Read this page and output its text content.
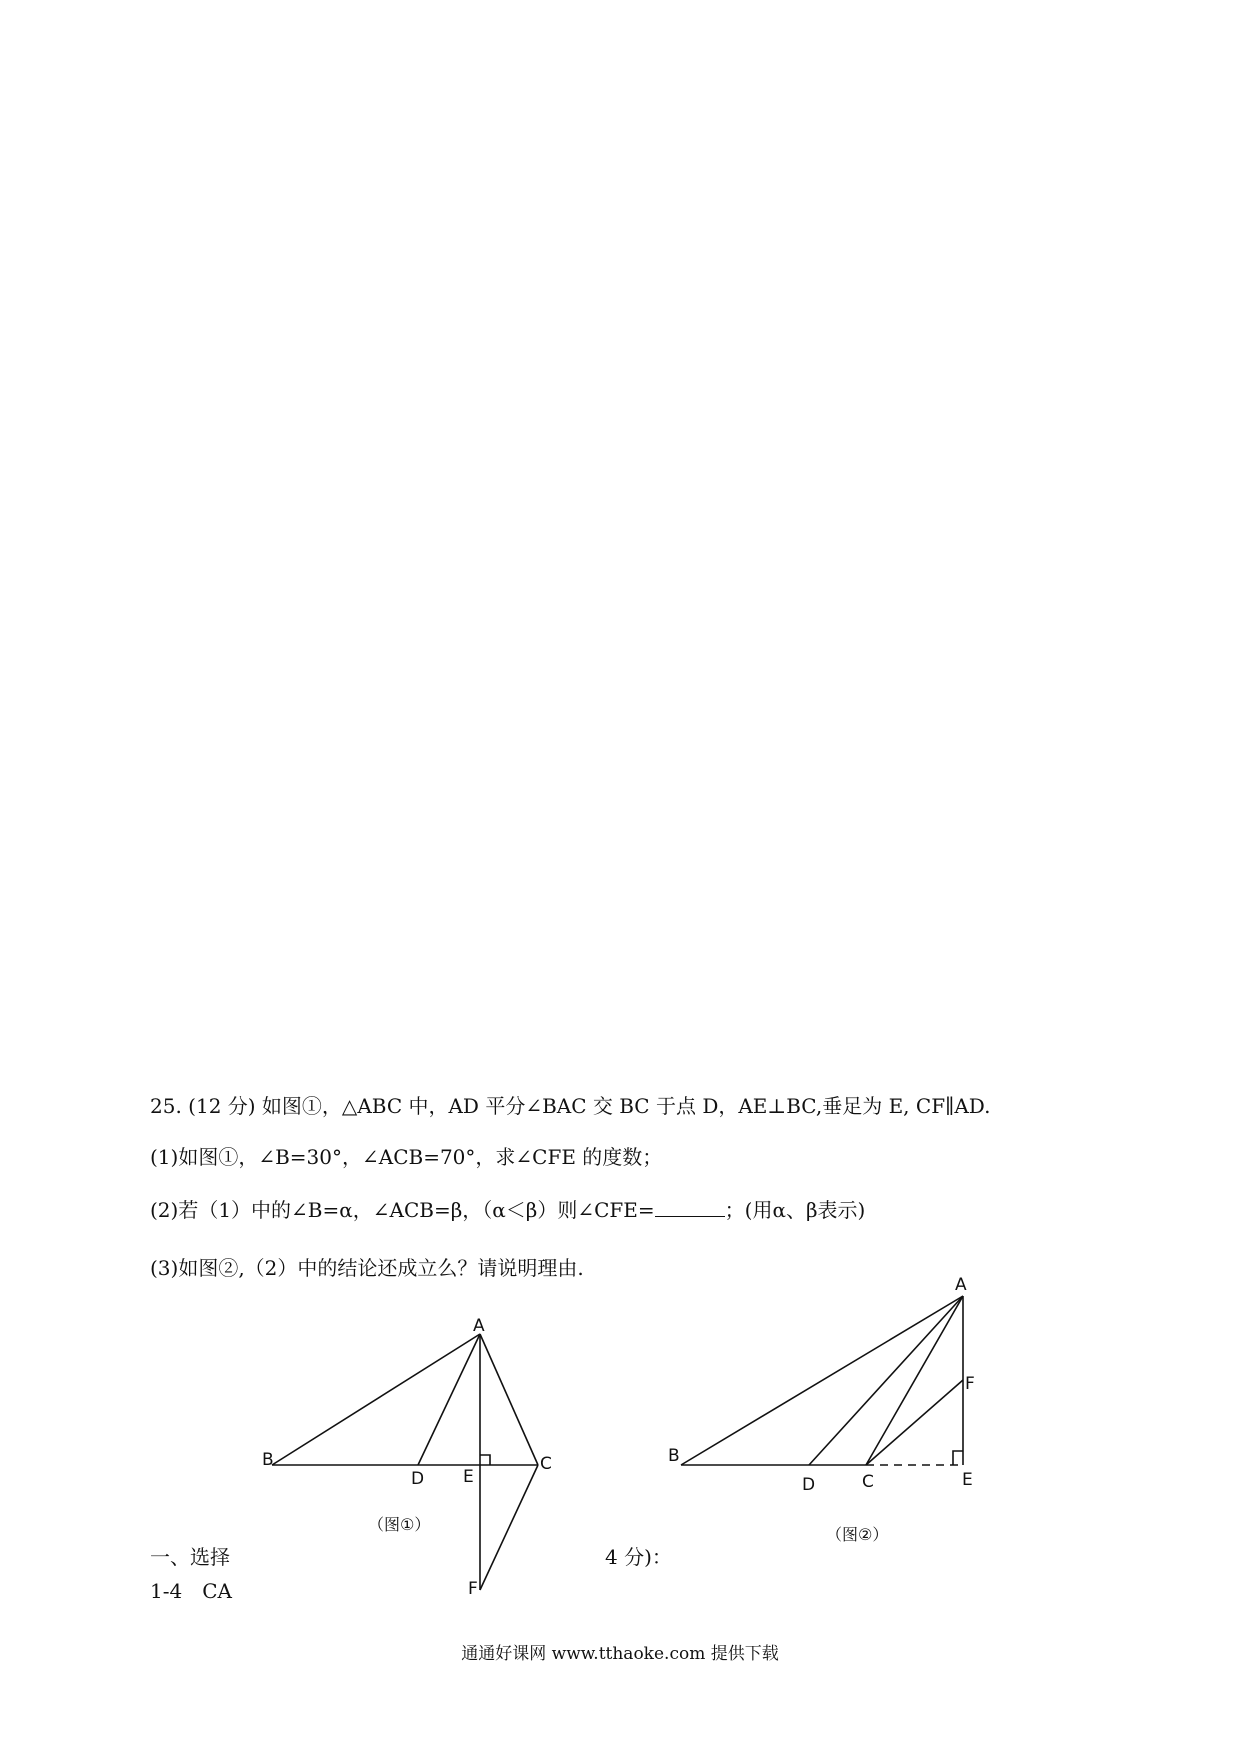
25. (12 分) 如图①，△ABC 中，AD 平分∠BAC 交 BC 于点 D，AE⊥BC,垂足为 E, CF∥AD.
(1)如图①，∠B=30°，∠ACB=70°，求∠CFE 的度数；
(2)若（1）中的∠B=α，∠ACB=β，（α＜β）则∠CFE=	；(用α、β表示)
(3)如图②,（2）中的结论还成立么？请说明理由.
A
B	C
D E
F
（图①）
A
B
C
D	E
F
（图②）
一、选择	4 分)：
1-4　CA
通通好课网 www.tthaoke.com 提供下载
